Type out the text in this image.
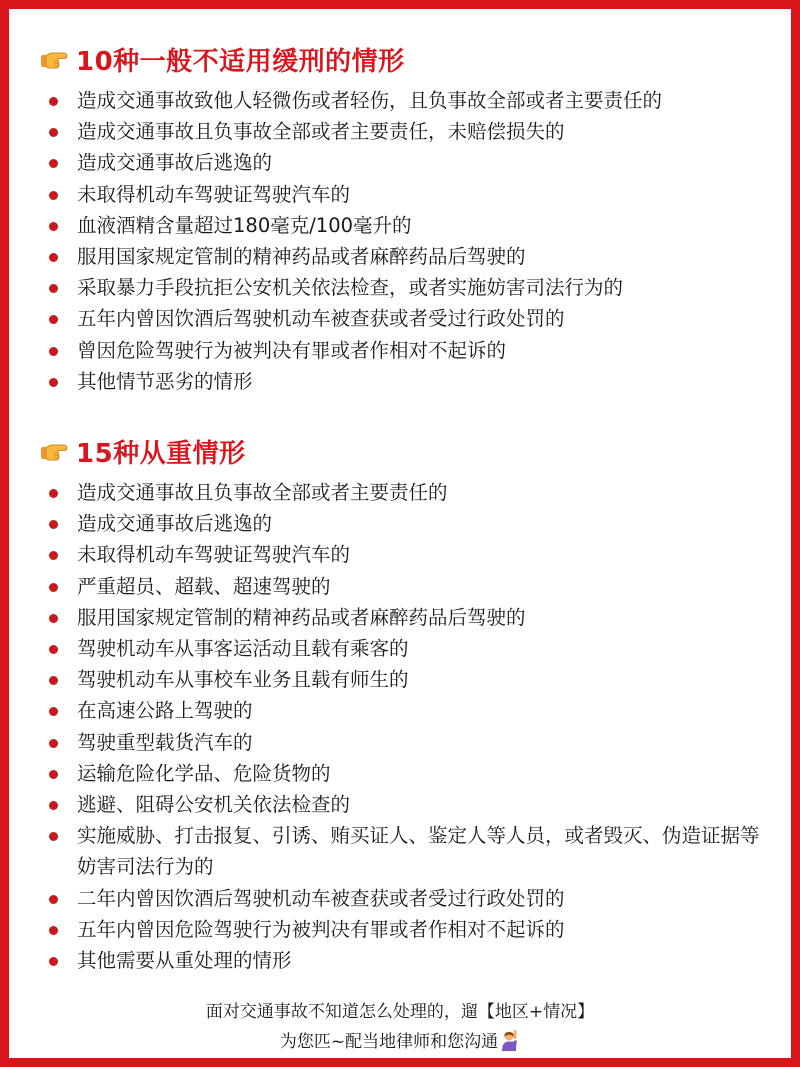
10种一般不适用缓刑的情形
造成交通事故致他人轻微伤或者轻伤，且负事故全部或者主要责任的
造成交通事故且负事故全部或者主要责任，未赔偿损失的
造成交通事故后逃逸的
未取得机动车驾驶证驾驶汽车的
血液酒精含量超过180毫克/100毫升的
服用国家规定管制的精神药品或者麻醉药品后驾驶的
采取暴力手段抗拒公安机关依法检查，或者实施妨害司法行为的
五年内曾因饮酒后驾驶机动车被查获或者受过行政处罚的
曾因危险驾驶行为被判决有罪或者作相对不起诉的
其他情节恶劣的情形
15种从重情形
造成交通事故且负事故全部或者主要责任的
造成交通事故后逃逸的
未取得机动车驾驶证驾驶汽车的
严重超员、超载、超速驾驶的
服用国家规定管制的精神药品或者麻醉药品后驾驶的
驾驶机动车从事客运活动且载有乘客的
驾驶机动车从事校车业务且载有师生的
在高速公路上驾驶的
驾驶重型载货汽车的
运输危险化学品、危险货物的
逃避、阻碍公安机关依法检查的
实施威胁、打击报复、引诱、贿买证人、鉴定人等人员，或者毁灭、伪造证据等妨害司法行为的
二年内曾因饮酒后驾驶机动车被查获或者受过行政处罚的
五年内曾因危险驾驶行为被判决有罪或者作相对不起诉的
其他需要从重处理的情形
面对交通事故不知道怎么处理的，遛【地区+情况】
为您匹~配当地律师和您沟通
